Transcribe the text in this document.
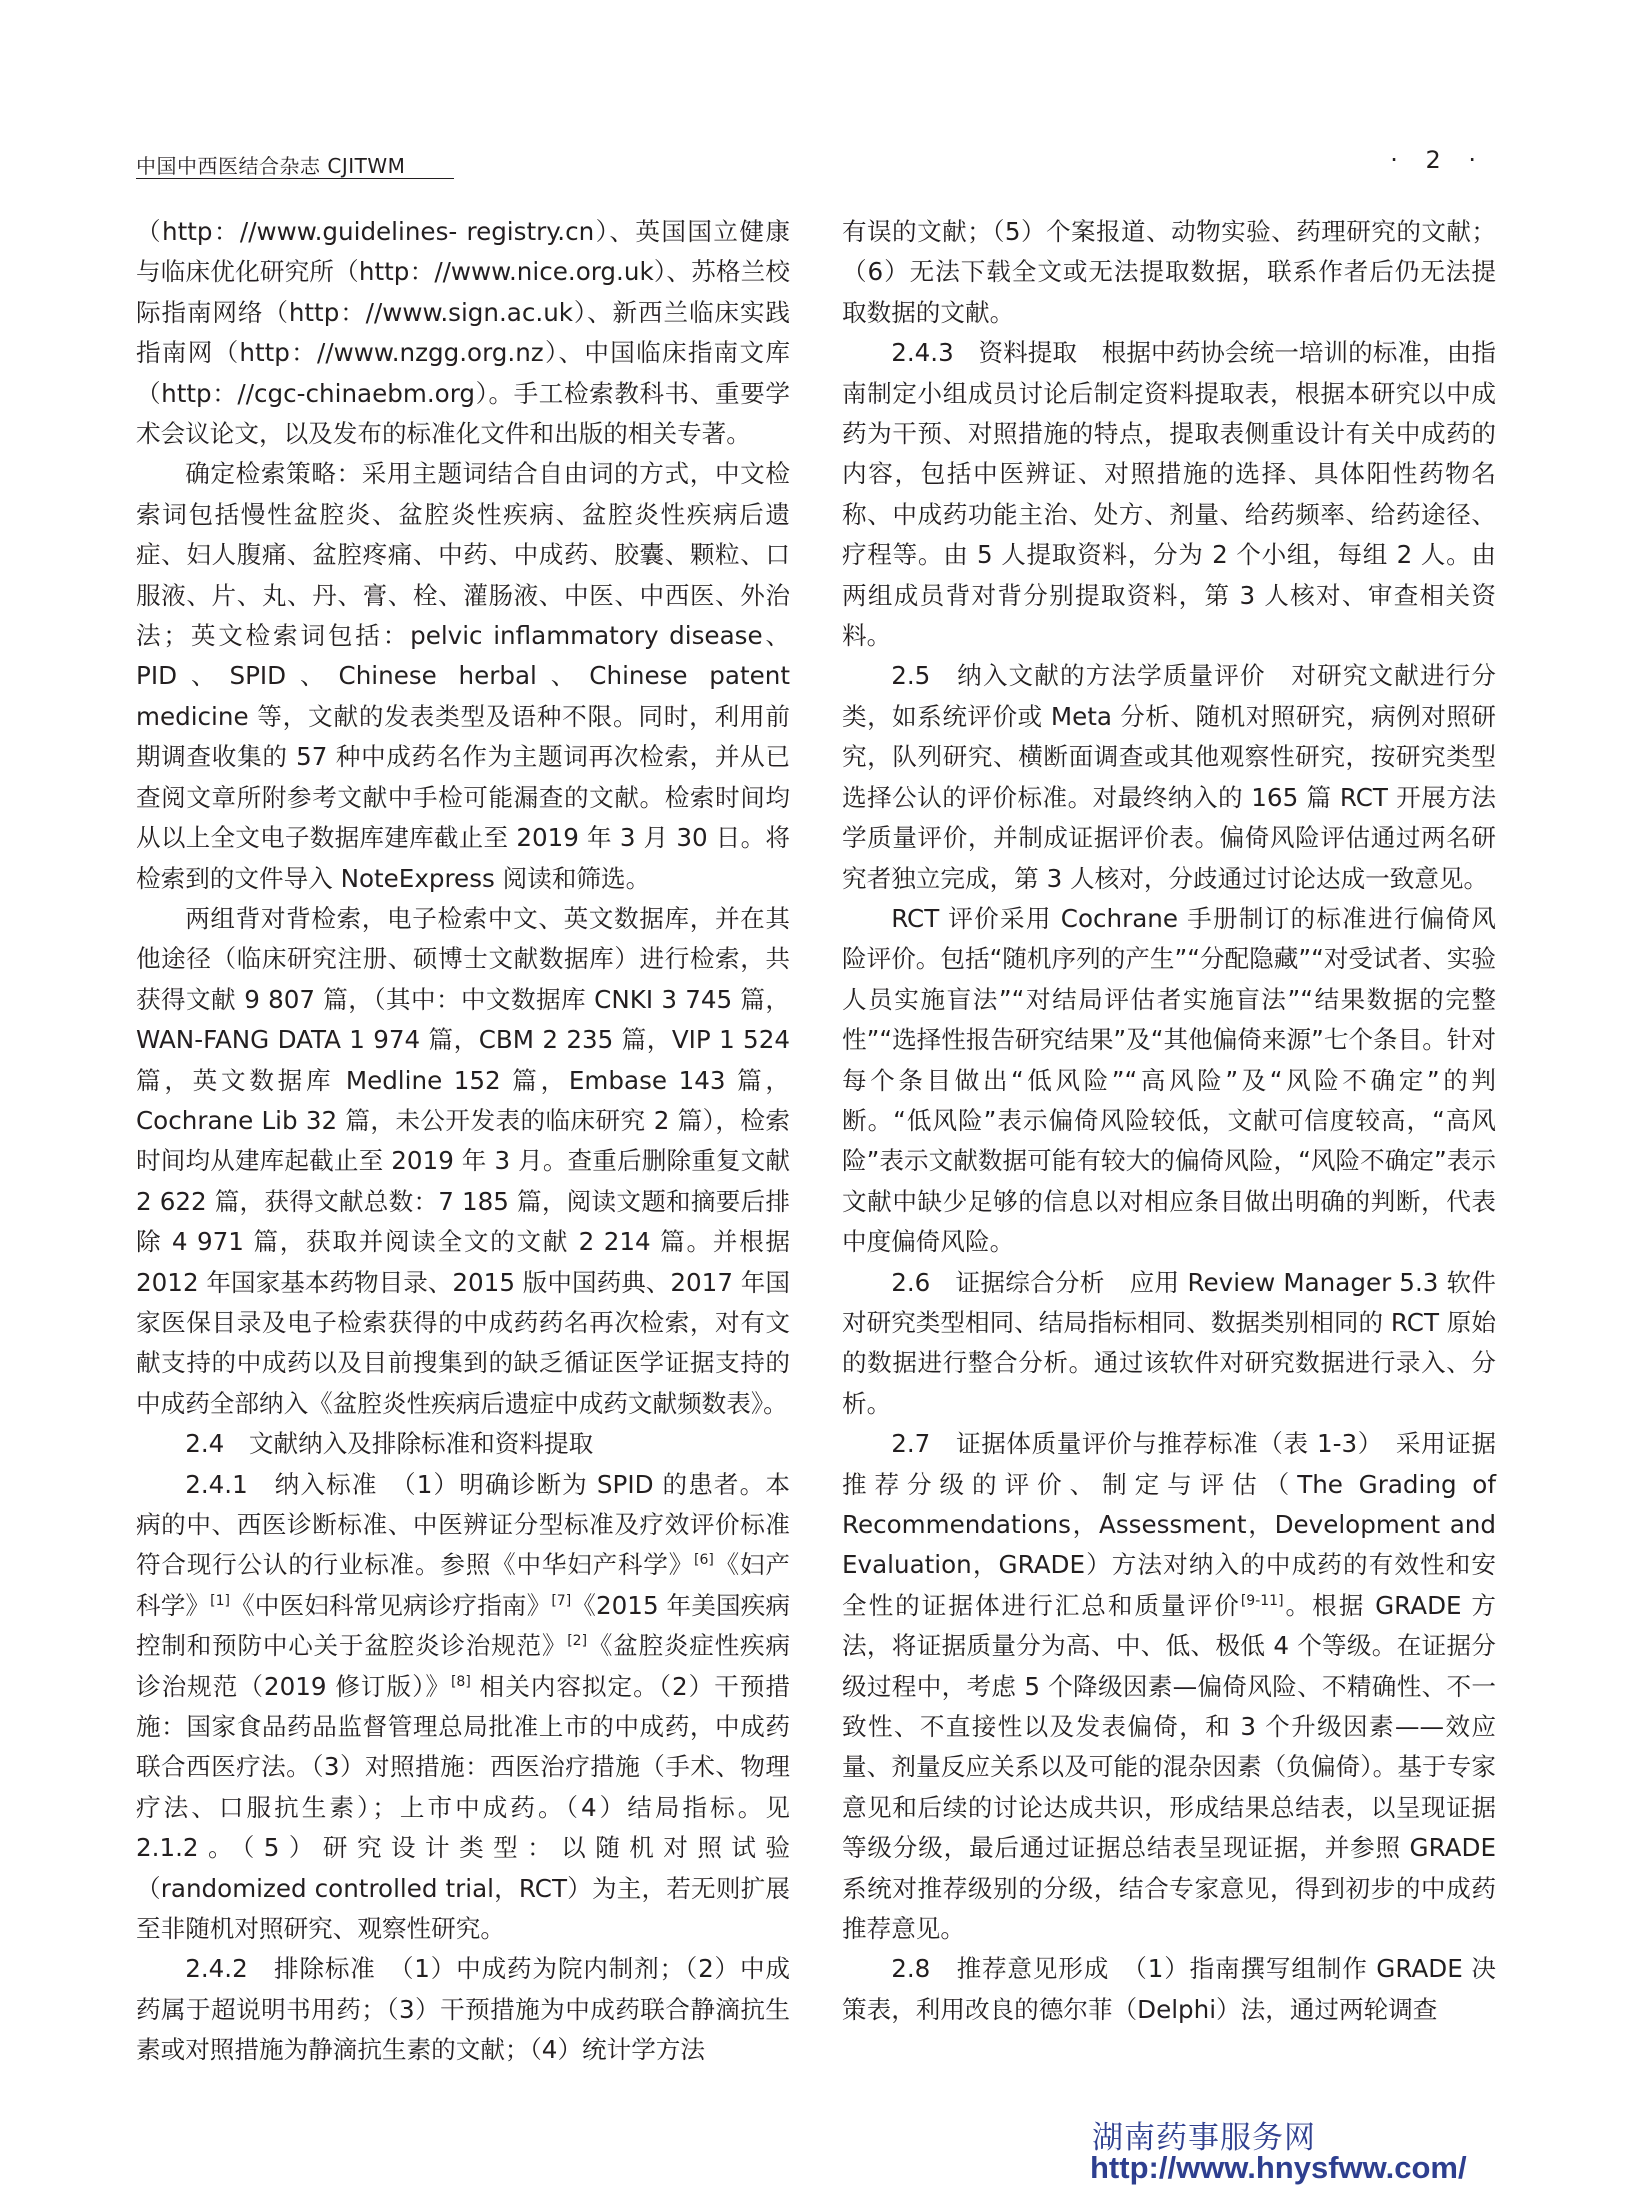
中国中西医结合杂志 CJITWM	· 2 ·

（http：//www.guidelines- registry.cn）、英国国立健康与临床优化研究所（http：//www.nice.org.uk）、苏格兰校际指南网络（http：//www.sign.ac.uk）、新西兰临床实践指南网（http：//www.nzgg.org.nz）、中国临床指南文库（http：//cgc-chinaebm.org）。手工检索教科书、重要学术会议论文，以及发布的标准化文件和出版的相关专著。

确定检索策略：采用主题词结合自由词的方式，中文检索词包括慢性盆腔炎、盆腔炎性疾病、盆腔炎性疾病后遗症、妇人腹痛、盆腔疼痛、中药、中成药、胶囊、颗粒、口服液、片、丸、丹、膏、栓、灌肠液、中医、中西医、外治法；英文检索词包括：pelvic inflammatory disease、PID、SPID、Chinese herbal、Chinese patent medicine 等，文献的发表类型及语种不限。同时，利用前期调查收集的 57 种中成药名作为主题词再次检索，并从已查阅文章所附参考文献中手检可能漏查的文献。检索时间均从以上全文电子数据库建库截止至 2019 年 3 月 30 日。将检索到的文件导入 NoteExpress 阅读和筛选。

两组背对背检索，电子检索中文、英文数据库，并在其他途径（临床研究注册、硕博士文献数据库）进行检索，共获得文献 9 807 篇，（其中：中文数据库 CNKI 3 745 篇，WAN-FANG DATA 1 974 篇，CBM 2 235 篇，VIP 1 524 篇，英文数据库 Medline 152 篇，Embase 143 篇，Cochrane Lib 32 篇，未公开发表的临床研究 2 篇），检索时间均从建库起截止至 2019 年 3 月。查重后删除重复文献 2 622 篇，获得文献总数：7 185 篇，阅读文题和摘要后排除 4 971 篇，获取并阅读全文的文献 2 214 篇。并根据 2012 年国家基本药物目录、2015 版中国药典、2017 年国家医保目录及电子检索获得的中成药药名再次检索，对有文献支持的中成药以及目前搜集到的缺乏循证医学证据支持的中成药全部纳入《盆腔炎性疾病后遗症中成药文献频数表》。

2.4　文献纳入及排除标准和资料提取

2.4.1　纳入标准　（1）明确诊断为 SPID 的患者。本病的中、西医诊断标准、中医辨证分型标准及疗效评价标准符合现行公认的行业标准。参照《中华妇产科学》[6]《妇产科学》[1]《中医妇科常见病诊疗指南》[7]《2015 年美国疾病控制和预防中心关于盆腔炎诊治规范》[2]《盆腔炎症性疾病诊治规范（2019 修订版）》[8] 相关内容拟定。（2）干预措施：国家食品药品监督管理总局批准上市的中成药，中成药联合西医疗法。（3）对照措施：西医治疗措施（手术、物理疗法、口服抗生素）；上市中成药。（4）结局指标。见 2.1.2。（5）研究设计类型：以随机对照试验（randomized controlled trial，RCT）为主，若无则扩展至非随机对照研究、观察性研究。

2.4.2　排除标准　（1）中成药为院内制剂；（2）中成药属于超说明书用药；（3）干预措施为中成药联合静滴抗生素或对照措施为静滴抗生素的文献；（4）统计学方法

有误的文献；（5）个案报道、动物实验、药理研究的文献；（6）无法下载全文或无法提取数据，联系作者后仍无法提取数据的文献。

2.4.3　资料提取　根据中药协会统一培训的标准，由指南制定小组成员讨论后制定资料提取表，根据本研究以中成药为干预、对照措施的特点，提取表侧重设计有关中成药的内容，包括中医辨证、对照措施的选择、具体阳性药物名称、中成药功能主治、处方、剂量、给药频率、给药途径、疗程等。由 5 人提取资料，分为 2 个小组，每组 2 人。由两组成员背对背分别提取资料，第 3 人核对、审查相关资料。

2.5　纳入文献的方法学质量评价　对研究文献进行分类，如系统评价或 Meta 分析、随机对照研究，病例对照研究，队列研究、横断面调查或其他观察性研究，按研究类型选择公认的评价标准。对最终纳入的 165 篇 RCT 开展方法学质量评价，并制成证据评价表。偏倚风险评估通过两名研究者独立完成，第 3 人核对，分歧通过讨论达成一致意见。

RCT 评价采用 Cochrane 手册制订的标准进行偏倚风险评价。包括“随机序列的产生”“分配隐藏”“对受试者、实验人员实施盲法”“对结局评估者实施盲法”“结果数据的完整性”“选择性报告研究结果”及“其他偏倚来源”七个条目。针对每个条目做出“低风险”“高风险”及“风险不确定”的判断。“低风险”表示偏倚风险较低，文献可信度较高，“高风险”表示文献数据可能有较大的偏倚风险，“风险不确定”表示文献中缺少足够的信息以对相应条目做出明确的判断，代表中度偏倚风险。

2.6　证据综合分析　应用 Review Manager 5.3 软件对研究类型相同、结局指标相同、数据类别相同的 RCT 原始的数据进行整合分析。通过该软件对研究数据进行录入、分析。

2.7　证据体质量评价与推荐标准（表 1-3）　采用证据推荐分级的评价、制定与评估（The Grading of Recommendations，Assessment，Development and Evaluation，GRADE）方法对纳入的中成药的有效性和安全性的证据体进行汇总和质量评价[9-11]。根据 GRADE 方法，将证据质量分为高、中、低、极低 4 个等级。在证据分级过程中，考虑 5 个降级因素—偏倚风险、不精确性、不一致性、不直接性以及发表偏倚，和 3 个升级因素——效应量、剂量反应关系以及可能的混杂因素（负偏倚）。基于专家意见和后续的讨论达成共识，形成结果总结表，以呈现证据等级分级，最后通过证据总结表呈现证据，并参照 GRADE 系统对推荐级别的分级，结合专家意见，得到初步的中成药推荐意见。

2.8　推荐意见形成　（1）指南撰写组制作 GRADE 决策表，利用改良的德尔菲（Delphi）法，通过两轮调查

湖南药事服务网
http://www.hnysfww.com/
